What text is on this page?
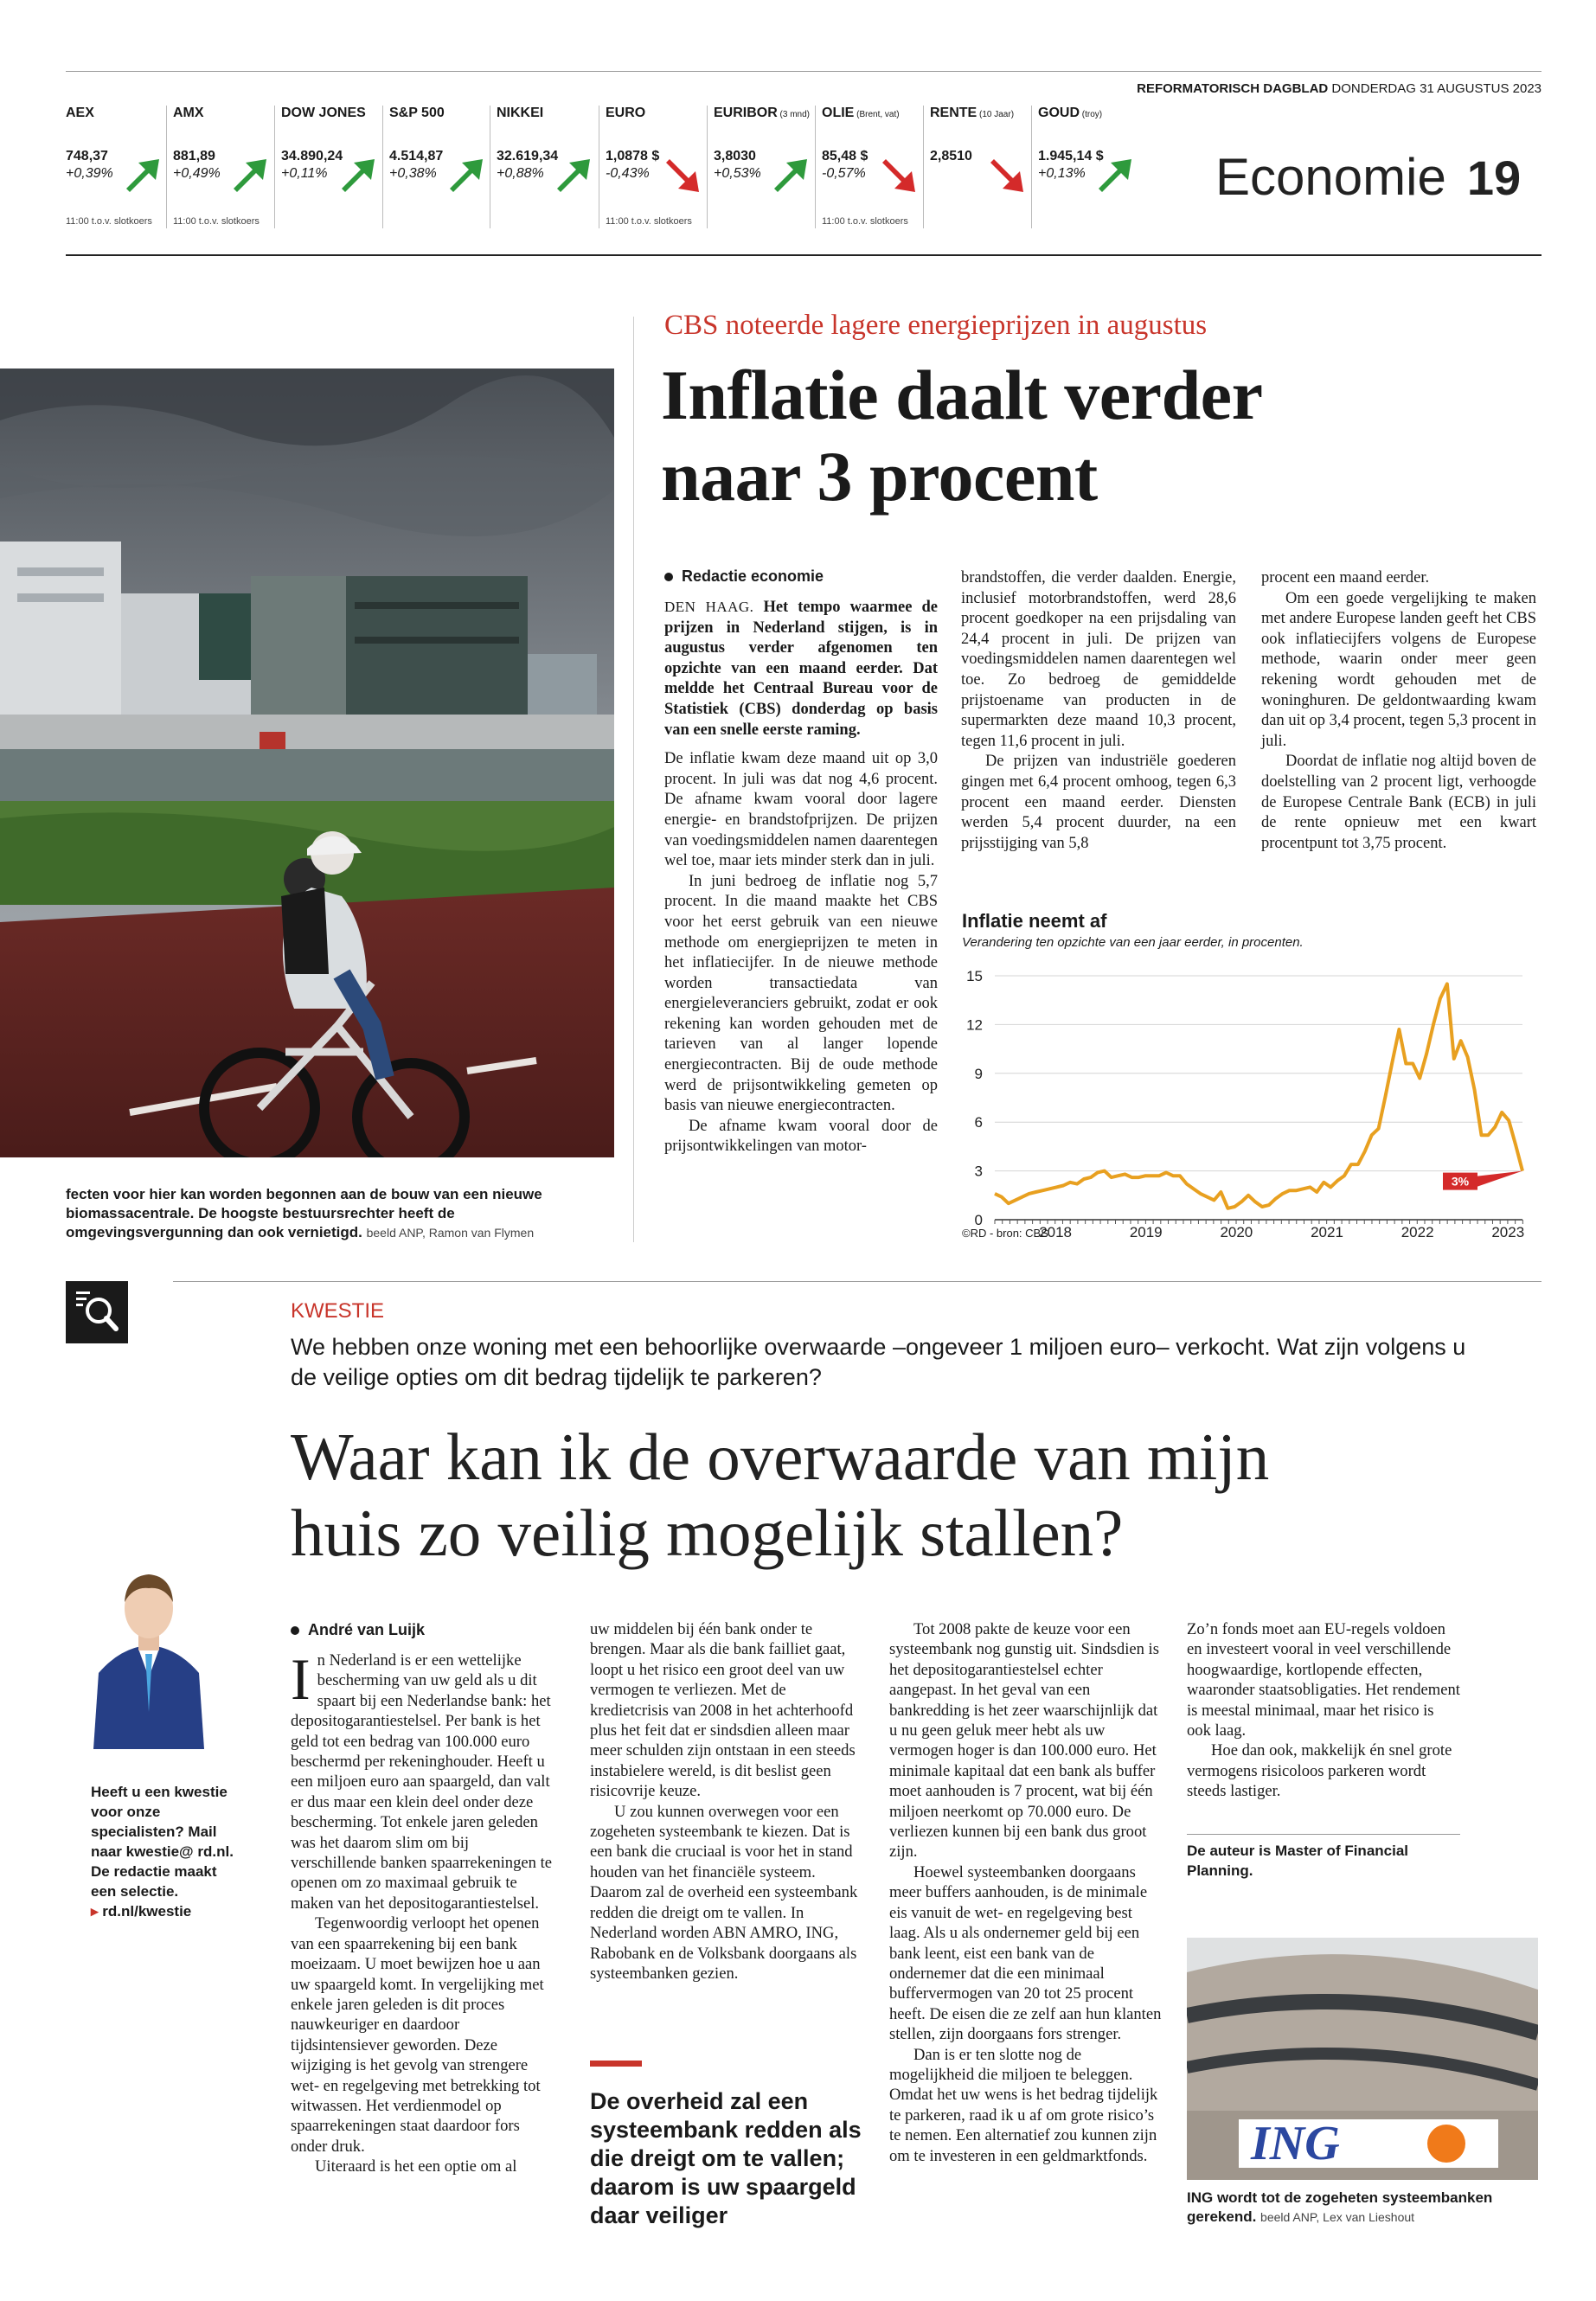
REFORMATORISCH DAGBLAD DONDERDAG 31 AUGUSTUS 2023
AEX
748,37
+0,39%
11:00 t.o.v. slotkoers
AMX
881,89
+0,49%
11:00 t.o.v. slotkoers
DOW JONES
34.890,24
+0,11%
S&P 500
4.514,87
+0,38%
NIKKEI
32.619,34
+0,88%
EURO
1,0878 $
-0,43%
11:00 t.o.v. slotkoers
EURIBOR (3 mnd)
3,8030
+0,53%
OLIE (Brent, vat)
85,48 $
-0,57%
11:00 t.o.v. slotkoers
RENTE (10 Jaar)
2,8510
GOUD (troy)
1.945,14 $
+0,13%	Economie 19
CBS noteerde lagere energieprijzen in augustus
Inflatie daalt verder
naar 3 procent
fecten voor hier kan worden begonnen aan de bouw van een nieuwe biomassacentrale. De hoogste bestuursrechter heeft de omgevingsvergunning dan ook vernietigd. beeld ANP, Ramon van Flymen
Redactie economie

DEN HAAG. Het tempo waarmee de prijzen in Nederland stijgen, is in augustus verder afgenomen ten opzichte van een maand eerder. Dat meldde het Centraal Bureau voor de Statistiek (CBS) donderdag op basis van een snelle eerste raming.

De inflatie kwam deze maand uit op 3,0 procent. In juli was dat nog 4,6 procent. De afname kwam vooral door lagere energie- en brandstofprijzen. De prijzen van voedingsmiddelen namen daarentegen wel toe, maar iets minder sterk dan in juli.

In juni bedroeg de inflatie nog 5,7 procent. In die maand maakte het CBS voor het eerst gebruik van een nieuwe methode om energieprijzen te meten in het inflatiecijfer. In de nieuwe methode worden transactiedata van energieleveranciers gebruikt, zodat er ook rekening kan worden gehouden met de tarieven van al langer lopende energiecontracten. Bij de oude methode werd de prijsontwikkeling gemeten op basis van nieuwe energiecontracten.

De afname kwam vooral door de prijsontwikkelingen van motor-

brandstoffen, die verder daalden. Energie, inclusief motorbrandstoffen, werd 28,6 procent goedkoper na een prijsdaling van 24,4 procent in juli. De prijzen van voedingsmiddelen namen daarentegen wel toe. Zo bedroeg de gemiddelde prijstoename van producten in de supermarkten deze maand 10,3 procent, tegen 11,6 procent in juli.

De prijzen van industriële goederen gingen met 6,4 procent omhoog, tegen 6,3 procent een maand eerder. Diensten werden 5,4 procent duurder, na een prijsstijging van 5,8

procent een maand eerder.

Om een goede vergelijking te maken met andere Europese landen geeft het CBS ook inflatiecijfers volgens de Europese methode, waarin onder meer geen rekening wordt gehouden met de woninghuren. De geldontwaarding kwam dan uit op 3,4 procent, tegen 5,3 procent in juli.

Doordat de inflatie nog altijd boven de doelstelling van 2 procent ligt, verhoogde de Europese Centrale Bank (ECB) in juli de rente opnieuw met een kwart procentpunt tot 3,75 procent.

Inflatie neemt af
Verandering ten opzichte van een jaar eerder, in procenten.
0
3
6
9
12
15
2018	2019	2020	2021	2022	2023
3%
©RD - bron: CBS
KWESTIE
We hebben onze woning met een behoorlijke overwaarde –ongeveer 1 miljoen euro– verkocht. Wat zijn volgens u de veilige opties om dit bedrag tijdelijk te parkeren?
Waar kan ik de overwaarde van mijn
huis zo veilig mogelijk stallen?
Heeft u een kwestie voor onze specialisten? Mail naar kwestie@ rd.nl. De redactie maakt een selectie.
▸ rd.nl/kwestie
André van Luijk

In Nederland is er een wettelijke bescherming van uw geld als u dit spaart bij een Nederlandse bank: het depositogarantiestelsel. Per bank is het geld tot een bedrag van 100.000 euro beschermd per rekeninghouder. Heeft u een miljoen euro aan spaargeld, dan valt er dus maar een klein deel onder deze bescherming. Tot enkele jaren geleden was het daarom slim om bij verschillende banken spaarrekeningen te openen om zo maximaal gebruik te maken van het depositogarantiestelsel.

Tegenwoordig verloopt het openen van een spaarrekening bij een bank moeizaam. U moet bewijzen hoe u aan uw spaargeld komt. In vergelijking met enkele jaren geleden is dit proces nauwkeuriger en daardoor tijdsintensiever geworden. Deze wijziging is het gevolg van strengere wet- en regelgeving met betrekking tot witwassen. Het verdienmodel op spaarrekeningen staat daardoor fors onder druk.

Uiteraard is het een optie om al

uw middelen bij één bank onder te brengen. Maar als die bank failliet gaat, loopt u het risico een groot deel van uw vermogen te verliezen. Met de kredietcrisis van 2008 in het achterhoofd plus het feit dat er sindsdien alleen maar meer schulden zijn ontstaan in een steeds instabielere wereld, is dit beslist geen risicovrije keuze.

U zou kunnen overwegen voor een zogeheten systeembank te kiezen. Dat is een bank die cruciaal is voor het in stand houden van het financiële systeem. Daarom zal de overheid een systeembank redden die dreigt om te vallen. In Nederland worden ABN AMRO, ING, Rabobank en de Volksbank doorgaans als systeembanken gezien.

De overheid zal een systeembank redden als die dreigt om te vallen; daarom is uw spaargeld daar veiliger

Tot 2008 pakte de keuze voor een systeembank nog gunstig uit. Sindsdien is het depositogarantiestelsel echter aangepast. In het geval van een bankredding is het zeer waarschijnlijk dat u nu geen geluk meer hebt als uw vermogen hoger is dan 100.000 euro. Het minimale kapitaal dat een bank als buffer moet aanhouden is 7 procent, wat bij één miljoen neerkomt op 70.000 euro. De verliezen kunnen bij een bank dus groot zijn.

Hoewel systeembanken doorgaans meer buffers aanhouden, is de minimale eis vanuit de wet- en regelgeving best laag. Als u als ondernemer geld bij een bank leent, eist een bank van de ondernemer dat die een minimaal buffervermogen van 20 tot 25 procent heeft. De eisen die ze zelf aan hun klanten stellen, zijn doorgaans fors strenger.

Dan is er ten slotte nog de mogelijkheid die miljoen te beleggen. Omdat het uw wens is het bedrag tijdelijk te parkeren, raad ik u af om grote risico’s te nemen. Een alternatief zou kunnen zijn om te investeren in een geldmarktfonds.

Zo’n fonds moet aan EU-regels voldoen en investeert vooral in veel verschillende hoogwaardige, kortlopende effecten, waaronder staatsobligaties. Het rendement is meestal minimaal, maar het risico is ook laag.

Hoe dan ook, makkelijk én snel grote vermogens risicoloos parkeren wordt steeds lastiger.

De auteur is Master of Financial Planning.
ING
ING wordt tot de zogeheten systeembanken gerekend. beeld ANP, Lex van Lieshout
